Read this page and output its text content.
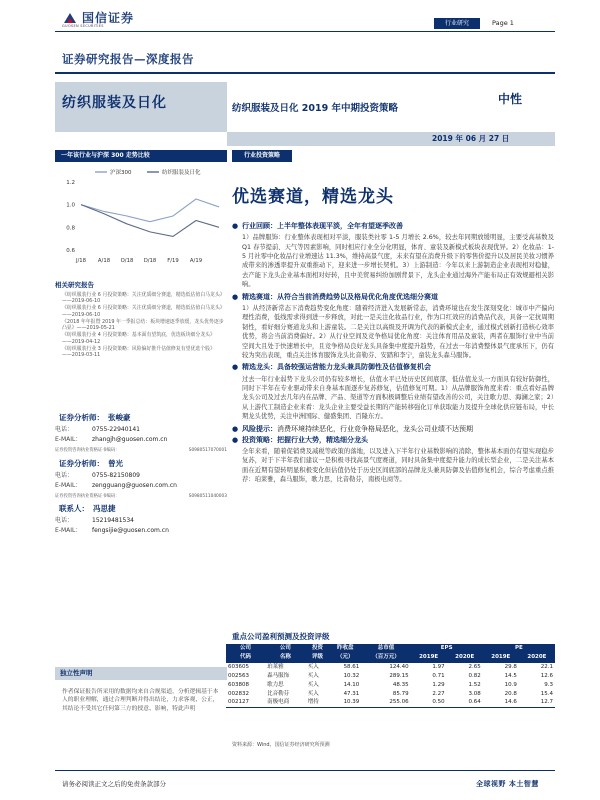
国信证券
GUOSEN SECURITIES	行业研究	Page 1
证券研究报告—深度报告
纺织服装及日化	纺织服装及日化 2019 年中期投资策略
中性
2019 年 06 月 27 日
一年该行业与沪深 300 走势比较
沪深300	纺织服装及日化
1.2
1.0
0.8
0.6
J/18 A/18 O/18 D/18 F/19 A/19
相关研究报告
《纺织服装行业 6 月投资策略：关注优质细分赛道，精选低估值白马龙头》——2019-06-10
《纺织服装行业 6 月投资策略：关注优质细分赛道，精选低估值白马龙头》——2019-06-10
《2018 年年报暨 2019 年一季报总结：板块增速逐季放缓，龙头优势逐步凸显》——2019-05-21
《纺织服装行业 4 月投资策略：基本面有望筑底，优选板块细分龙头》——2019-04-12
《纺织服装行业 3 月投资策略：风险偏好推升估值修复有望优选个股》——2019-03-11
证券分析师： 张峻豪
电话：	0755-22940141
E-MAIL： zhangjh@guosen.com.cn
证券投资咨询执业资格证书编码：	S0980517070001
证券分析师： 曾光
电话：	0755-82150809
E-MAIL： zengguang@guosen.com.cn
证券投资咨询执业资格证书编码：	S0980511040003
联系人： 冯思捷
电话：	15219481534
E-MAIL： fengsijie@guosen.com.cn
独立性声明
作者保证报告所采用的数据均来自合规渠道，分析逻辑基于本人的职业理解，通过合理判断并得出结论，力求客观、公正，其结论不受其它任何第三方的授意、影响，特此声明
行业投资策略
优选赛道，精选龙头
● 行业回顾：上半年整体表现平淡，全年有望逐季改善
1）品牌服饰：行业整体表现相对平淡，服装类社零 1-5 月增长 2.6%，较去年同期放缓明显，主要受高基数及 Q1 春节提前、天气等因素影响，同时相应行业全分化明显，体育、童装及新模式板块表现优异。2）化妆品：1-5 月社零中化妆品行业增速达 11.3%，维持高景气度，未来有望在消费升级下的零售价提升以及居民美妆习惯养成带来的渗透率提升双重推动下，迎来进一步增长契机。3）上游制造：今年以来上游制造企业表现相对稳健，去产能下龙头企业基本面相对好转，且中美贸易纠纷加剧背景下，龙头企业通过海外产能布局正有效规避相关影响。
● 精选赛道：从符合当前消费趋势以及格局优化角度优选细分赛道
1）从经济新常态下消费趋势变化角度：随着经济进入发展新常态，消费环境也在发生深刻变化：城市中产偏向理性消费，低线需求得到进一步释放，对此一是关注化妆品行业，作为口红效应的消费品代表，具备一定抗周期韧性，看好细分赛道龙头和上游童装。二是关注以高级及开调为代表的新模式企业，通过模式创新打造核心效率优势，将会当前消费偏好。2）从行业空间及竞争格局优化角度：关注体育用品及童装，两者在服饰行业中当前空间大且处于快速增长中，且竞争格局良好龙头具备集中度提升趋势，在过去一年消费整体景气度承压下，仍有较为突出表现，重点关注体育服饰龙头比音勒芬、安踏和李宁，童装龙头森马服饰。
● 精选龙头：具备较强运营能力龙头兼具防御性及估值修复机会
过去一年行业弱势下龙头公司仍有较多增长，估值水平已处历史区间底部，低估值龙头一方面具有较好防御性，同时下半年在专业驱动带来自身基本面逐步复苏修复，估值修复可期。1）从品牌服饰角度来看：重点看好品牌龙头公司及过去几年内在品牌、产品、渠道等方面积极调整后业绩有望改善的公司，关注歌力思、海澜之家；2）从上游代工制造企业来看：龙头企业主要受益长期的产能转移强化订单获取能力及提升全球化供应链布局，中长期龙头优势，关注申洲国际、健盛集团、百隆东方。
● 风险提示：消费环境持续恶化，行业竞争格局恶化，龙头公司业绩不达预期
● 投资策略：把握行业大势，精选细分龙头
全年来看，随着促销费及减税等政策的落地，以及进入下半年行业基数影响的消除，整体基本面仍有望实现稳步复苏，对于下半年我们建议一是积极寻找高景气度赛道，同时具备集中度提升能力的成长型企业，二是关注基本面在近期有望转明显积极变化但估值仍处于历史区间底部的品牌龙头兼具防御及估值修复机会，综合考虑重点推荐：珀莱雅，森马服饰，歌力思，比音勒芬，南极电商等。
重点公司盈利预测及投资评级
公司	公司	投资	昨收盘	总市值	EPS		PE	
代码	名称	评级	（元）	（百万元）	2019E	2020E	2019E	2020E
603605	珀莱雅	买入	58.61	124.40	1.97	2.65	29.8	22.1
002563	森马服饰	买入	10.32	289.15	0.71	0.82	14.5	12.6
603808	歌力思	买入	14.10	48.35	1.29	1.52	10.9	9.3
002832	比音勒芬	买入	47.31	85.79	2.27	3.08	20.8	15.4
002127	南极电商	增持	10.39	255.06	0.50	0.64	14.6	12.7
资料来源：Wind、国信证券经济研究所预测
请务必阅读正文之后的免责条款部分	全球视野 本土智慧
